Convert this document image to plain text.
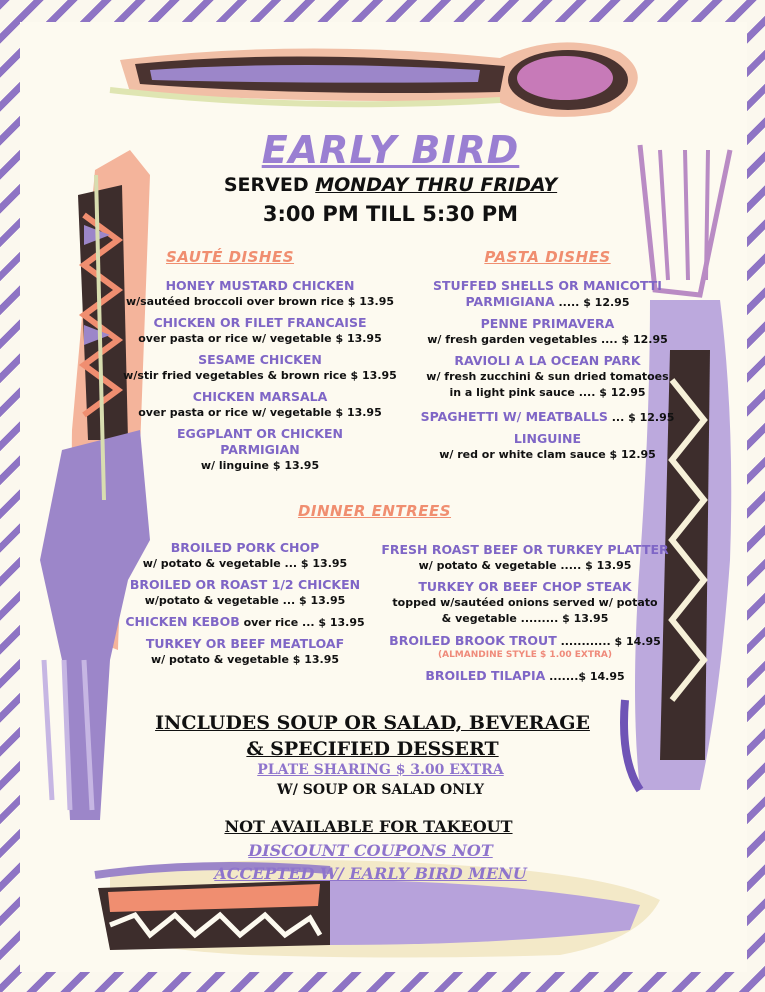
EARLY BIRD
SERVED MONDAY THRU FRIDAY
3:00 PM TILL 5:30 PM
SAUTÉ DISHES
HONEY MUSTARD CHICKEN
w/sautéed broccoli over brown rice $ 13.95
CHICKEN OR FILET FRANCAISE
over pasta or rice w/ vegetable $ 13.95
SESAME CHICKEN
w/stir fried vegetables & brown rice $ 13.95
CHICKEN MARSALA
over pasta or rice w/ vegetable $ 13.95
EGGPLANT OR CHICKEN
PARMIGIAN
w/ linguine $ 13.95
PASTA DISHES
STUFFED SHELLS OR MANICOTTI
PARMIGIANA ..... $ 12.95
PENNE PRIMAVERA
w/ fresh garden vegetables .... $ 12.95
RAVIOLI A LA OCEAN PARK
w/ fresh zucchini & sun dried tomatoes
in a light pink sauce .... $ 12.95
SPAGHETTI W/ MEATBALLS ... $ 12.95
LINGUINE
w/ red or white clam sauce $ 12.95
DINNER ENTREES
BROILED PORK CHOP
w/ potato & vegetable ... $ 13.95
BROILED OR ROAST 1/2 CHICKEN
w/potato & vegetable ... $ 13.95
CHICKEN KEBOB over rice ... $ 13.95
TURKEY OR BEEF MEATLOAF
w/ potato & vegetable $ 13.95
FRESH ROAST BEEF OR TURKEY PLATTER
w/ potato & vegetable ..... $ 13.95
TURKEY OR BEEF CHOP STEAK
topped w/sautéed onions served w/ potato
& vegetable ......... $ 13.95
BROILED BROOK TROUT ............ $ 14.95
(ALMANDINE STYLE $ 1.00 EXTRA)
BROILED TILAPIA .......$ 14.95
INCLUDES SOUP OR SALAD, BEVERAGE
& SPECIFIED DESSERT
PLATE SHARING $ 3.00 EXTRA
W/ SOUP OR SALAD ONLY
NOT AVAILABLE FOR TAKEOUT
DISCOUNT COUPONS NOT
ACCEPTED W/ EARLY BIRD MENU
